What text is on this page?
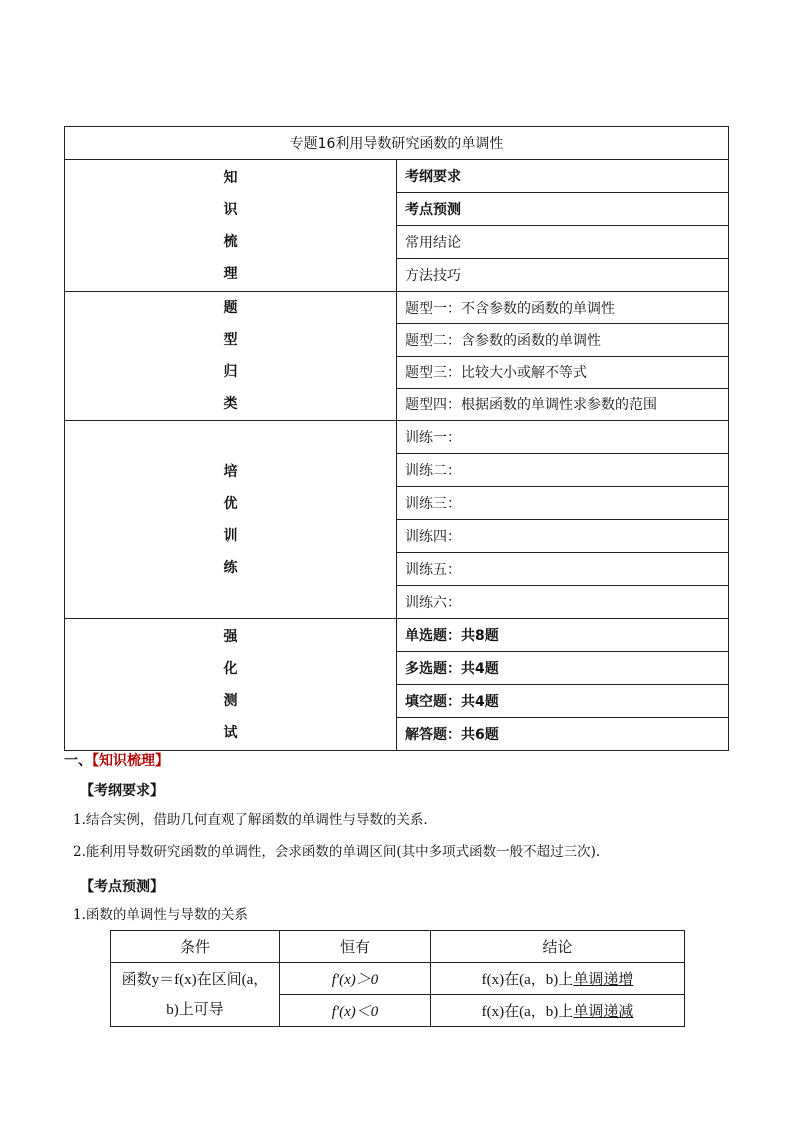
专题16利用导数研究函数的单调性	

知
识
梳
理	考纲要求
	考点预测
	常用结论
	方法技巧

题
型
归
类	题型一：不含参数的函数的单调性
	题型二：含参数的函数的单调性
	题型三：比较大小或解不等式
	题型四：根据函数的单调性求参数的范围

培
优
训
练	训练一：
	训练二：
	训练三：
	训练四：
	训练五：
	训练六：

强
化
测
试	单选题：共8题
	多选题：共4题
	填空题：共4题
	解答题：共6题
一、【知识梳理】
【考纲要求】
1.结合实例，借助几何直观了解函数的单调性与导数的关系.
2.能利用导数研究函数的单调性，会求函数的单调区间(其中多项式函数一般不超过三次).
【考点预测】
1.函数的单调性与导数的关系
条件	恒有	结论

函数y＝f(x)在区间(a，
b)上可导	f′(x)＞0	f(x)在(a，b)上单调递增
	f′(x)＜0	f(x)在(a，b)上单调递减
